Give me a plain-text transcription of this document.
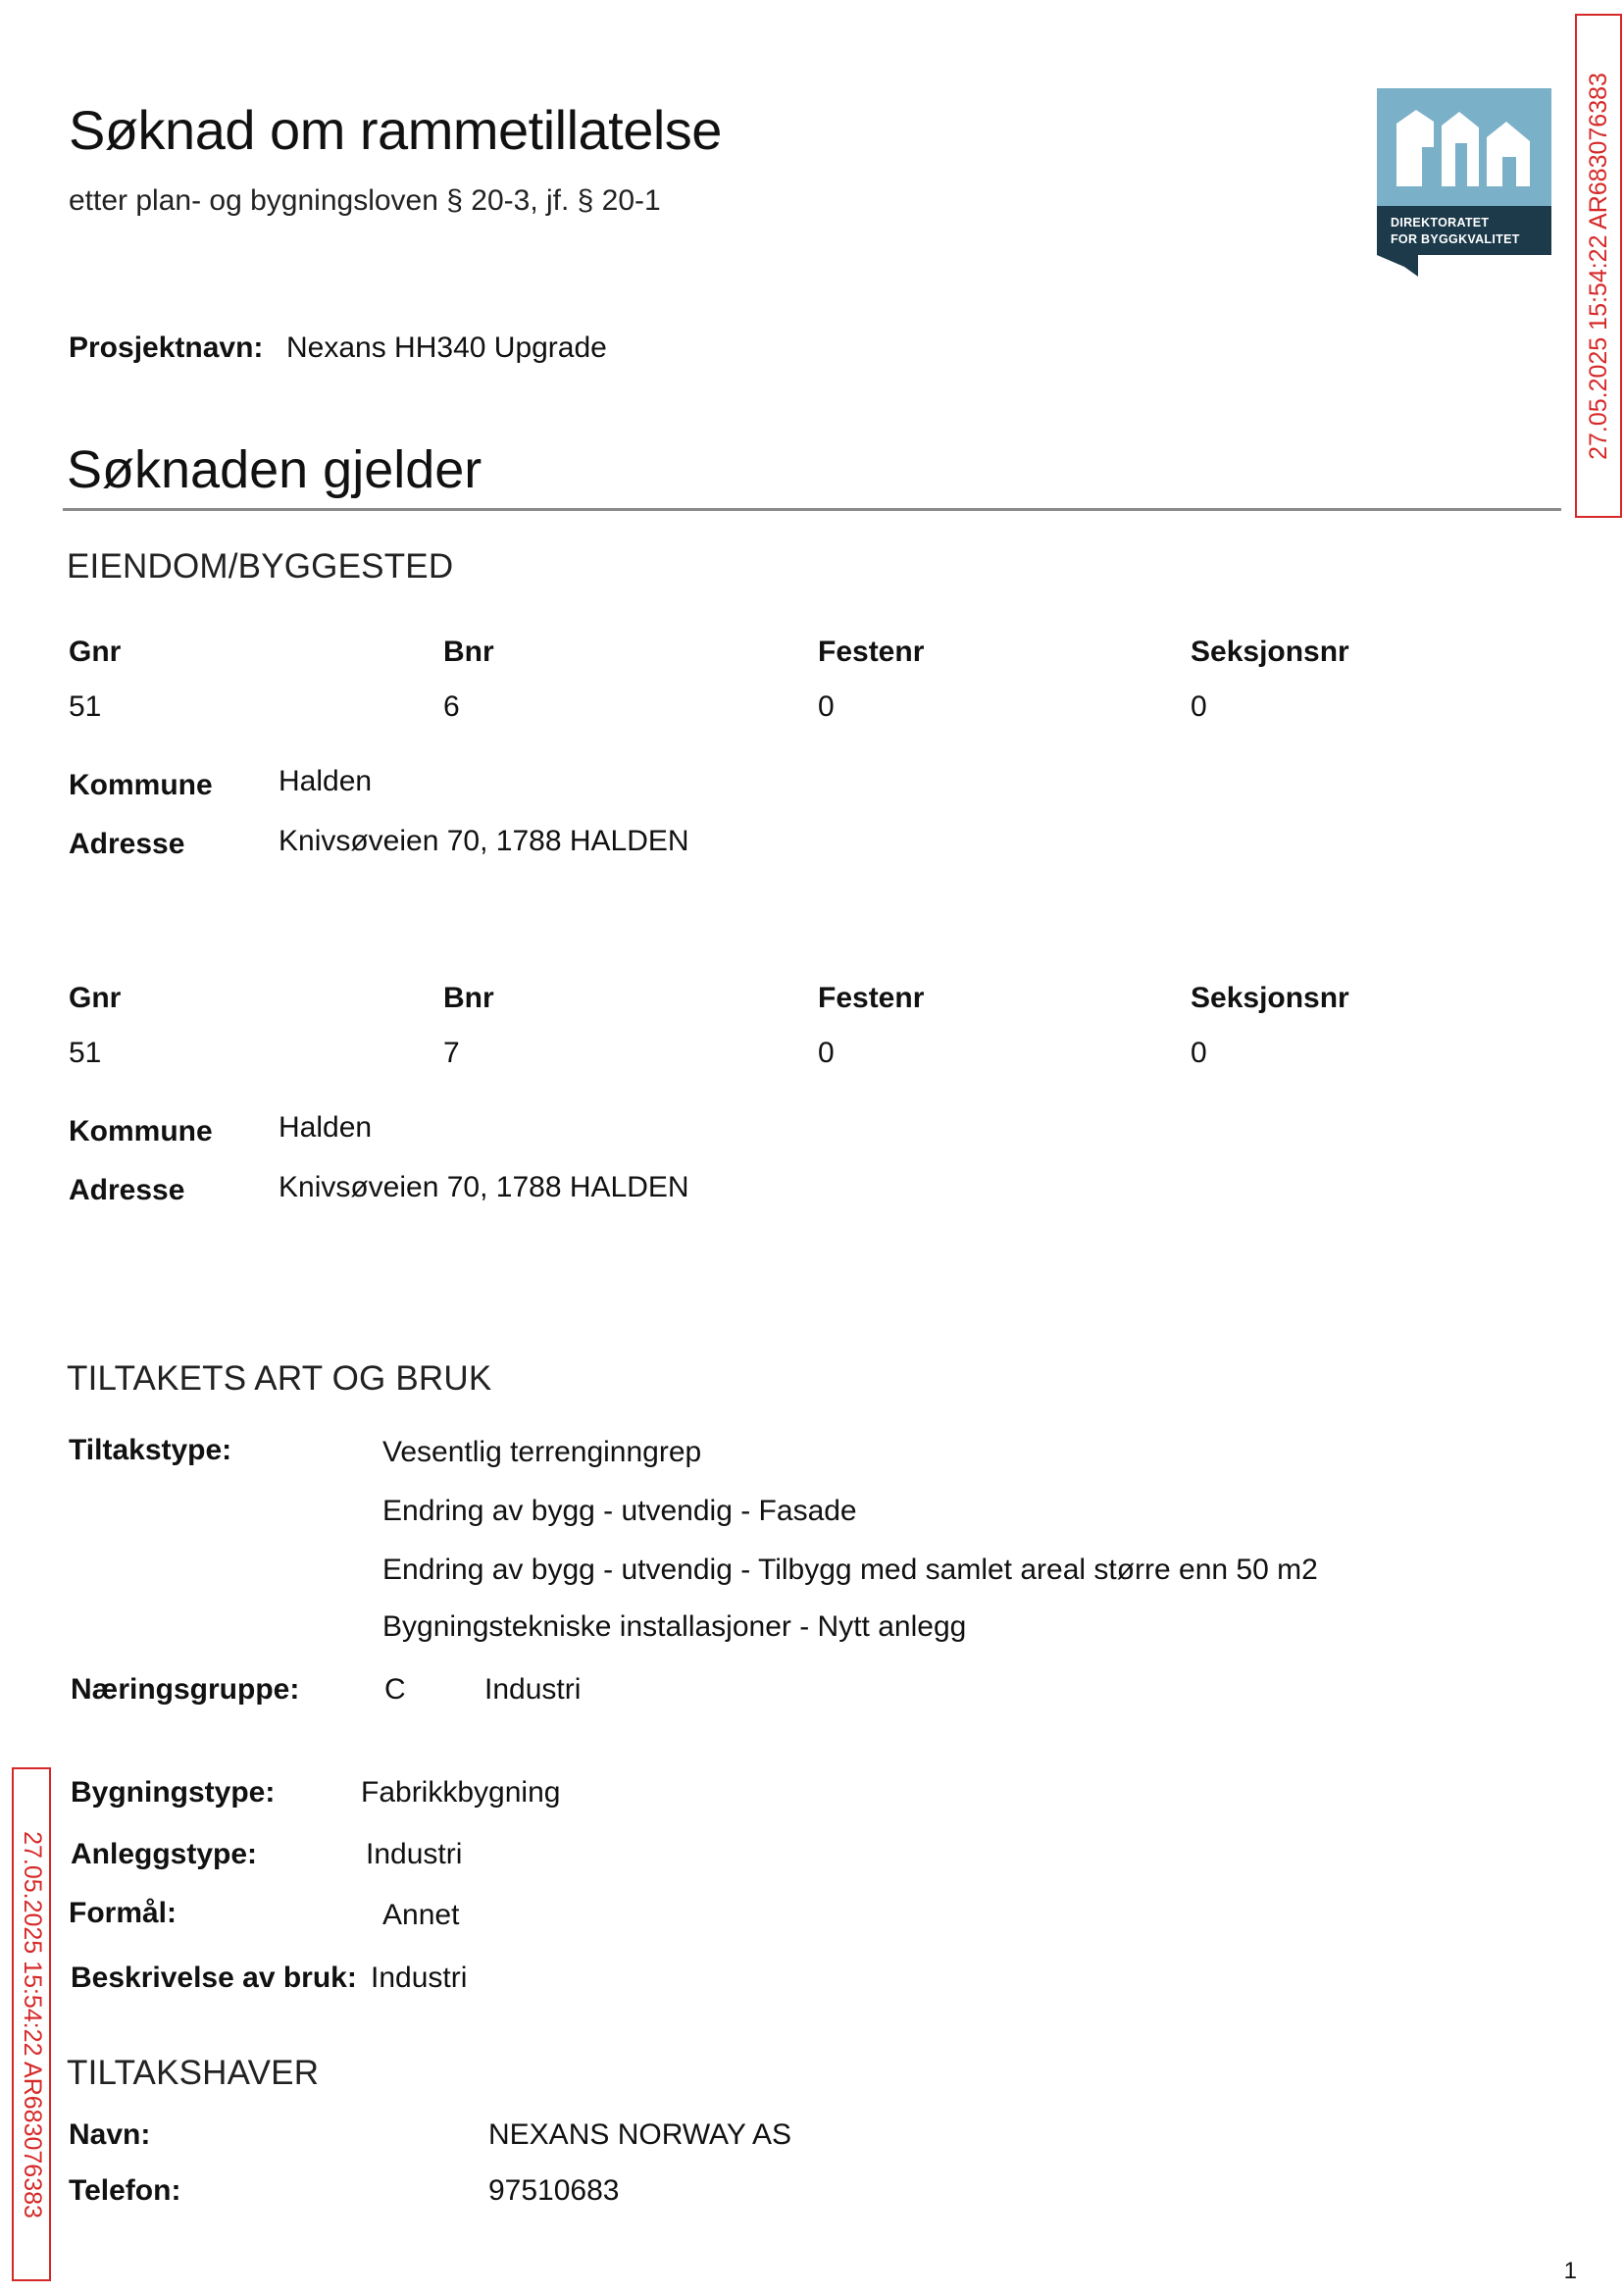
Søknad om rammetillatelse
etter plan- og bygningsloven § 20-3, jf. § 20-1
DIREKTORATET
FOR BYGGKVALITET	27.05.2025 15:54:22 AR683076383
27.05.2025 15:54:22 AR683076383
Prosjektnavn: Nexans HH340 Upgrade
Søknaden gjelder
EIENDOM/BYGGESTED
Gnr	Bnr	Festenr	Seksjonsnr
51	6	0	0
Kommune Halden
Adresse	Knivsøveien 70, 1788 HALDEN
Gnr	Bnr	Festenr	Seksjonsnr
51	7	0	0
Kommune Halden
Adresse	Knivsøveien 70, 1788 HALDEN
TILTAKETS ART OG BRUK
Tiltakstype:	Vesentlig terrenginngrep
Endring av bygg - utvendig - Fasade
Endring av bygg - utvendig - Tilbygg med samlet areal større enn 50 m2
Bygningstekniske installasjoner - Nytt anlegg
Næringsgruppe:	C	Industri
Bygningstype:	Fabrikkbygning
Anleggstype:	Industri
Formål:	Annet
Beskrivelse av bruk: Industri
TILTAKSHAVER
Navn:	NEXANS NORWAY AS
Telefon:	97510683
1
